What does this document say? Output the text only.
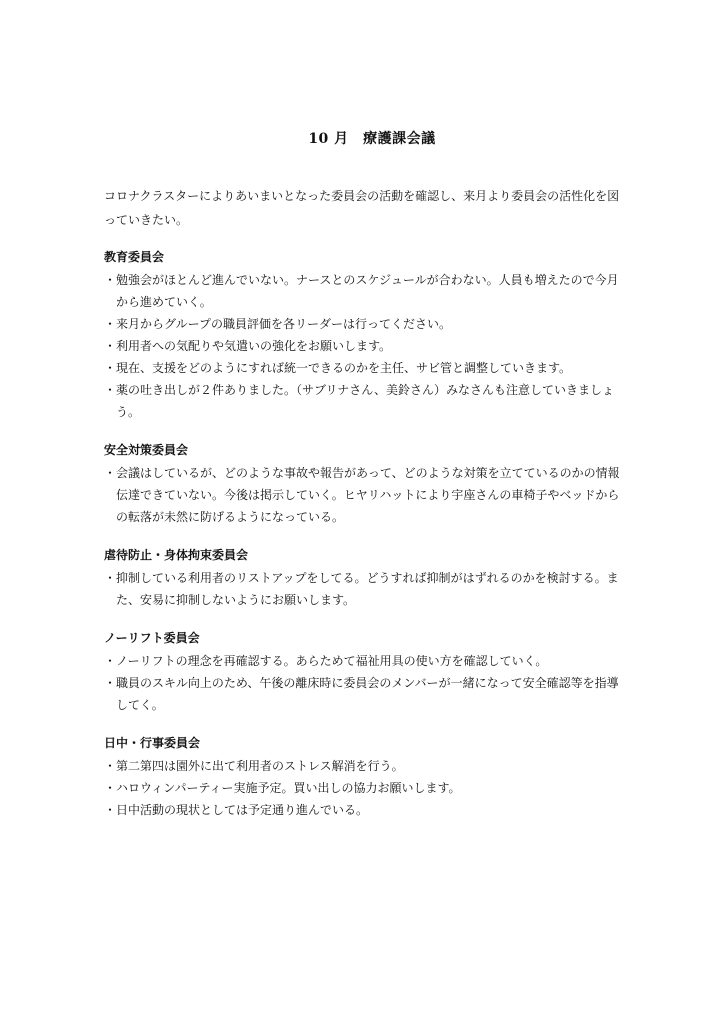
10 月　療護課会議

コロナクラスターによりあいまいとなった委員会の活動を確認し、来月より委員会の活性化を図っていきたい。

教育委員会
・勉強会がほとんど進んでいない。ナースとのスケジュールが合わない。人員も増えたので今月から進めていく。
・来月からグループの職員評価を各リーダーは行ってください。
・利用者への気配りや気遣いの強化をお願いします。
・現在、支援をどのようにすれば統一できるのかを主任、サビ管と調整していきます。
・薬の吐き出しが２件ありました。（サブリナさん、美鈴さん）みなさんも注意していきましょう。
安全対策委員会
・会議はしているが、どのような事故や報告があって、どのような対策を立てているのかの情報伝達できていない。今後は掲示していく。ヒヤリハットにより宇座さんの車椅子やベッドからの転落が未然に防げるようになっている。
虐待防止・身体拘束委員会
・抑制している利用者のリストアップをしてる。どうすれば抑制がはずれるのかを検討する。また、安易に抑制しないようにお願いします。
ノーリフト委員会
・ノーリフトの理念を再確認する。あらためて福祉用具の使い方を確認していく。
・職員のスキル向上のため、午後の離床時に委員会のメンバーが一緒になって安全確認等を指導してく。
日中・行事委員会
・第二第四は園外に出て利用者のストレス解消を行う。
・ハロウィンパーティー実施予定。買い出しの協力お願いします。
・日中活動の現状としては予定通り進んでいる。
